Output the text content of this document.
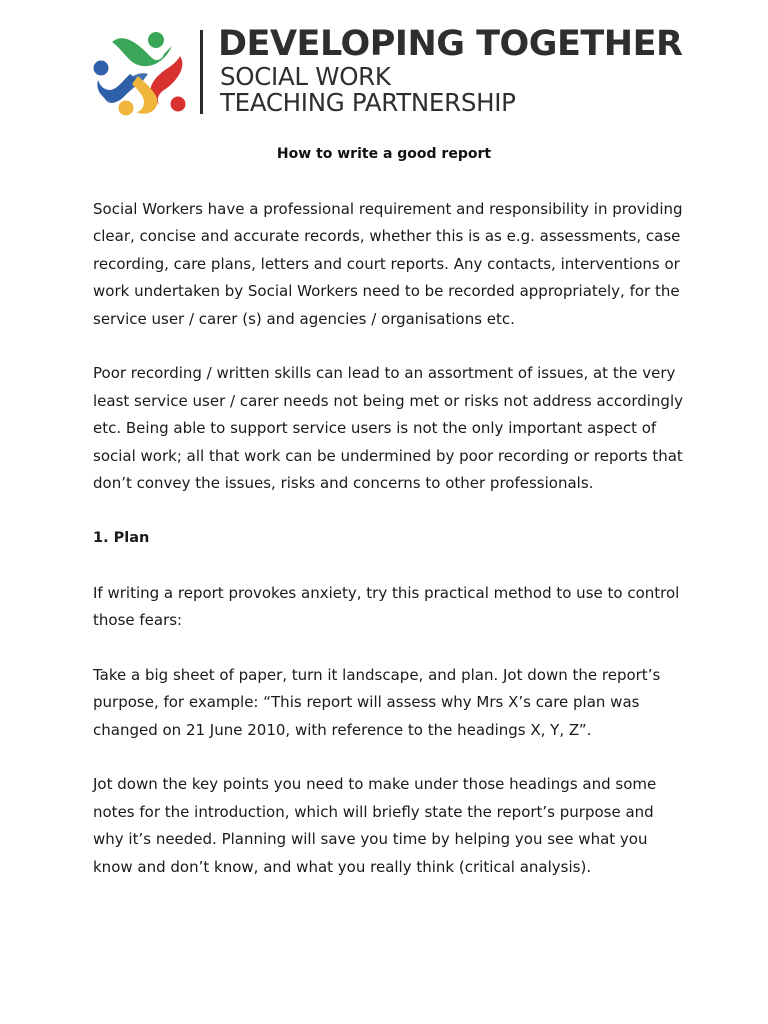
DEVELOPING TOGETHER
SOCIAL WORK
TEACHING PARTNERSHIP
How to write a good report

Social Workers have a professional requirement and responsibility in providing clear, concise and accurate records, whether this is as e.g. assessments, case recording, care plans, letters and court reports. Any contacts, interventions or work undertaken by Social Workers need to be recorded appropriately, for the service user / carer (s) and agencies / organisations etc.

Poor recording / written skills can lead to an assortment of issues, at the very least service user / carer needs not being met or risks not address accordingly etc. Being able to support service users is not the only important aspect of social work; all that work can be undermined by poor recording or reports that don’t convey the issues, risks and concerns to other professionals.

1. Plan

If writing a report provokes anxiety, try this practical method to use to control those fears:

Take a big sheet of paper, turn it landscape, and plan. Jot down the report’s purpose, for example: “This report will assess why Mrs X’s care plan was changed on 21 June 2010, with reference to the headings X, Y, Z”.

Jot down the key points you need to make under those headings and some notes for the introduction, which will briefly state the report’s purpose and why it’s needed. Planning will save you time by helping you see what you know and don’t know, and what you really think (critical analysis).
